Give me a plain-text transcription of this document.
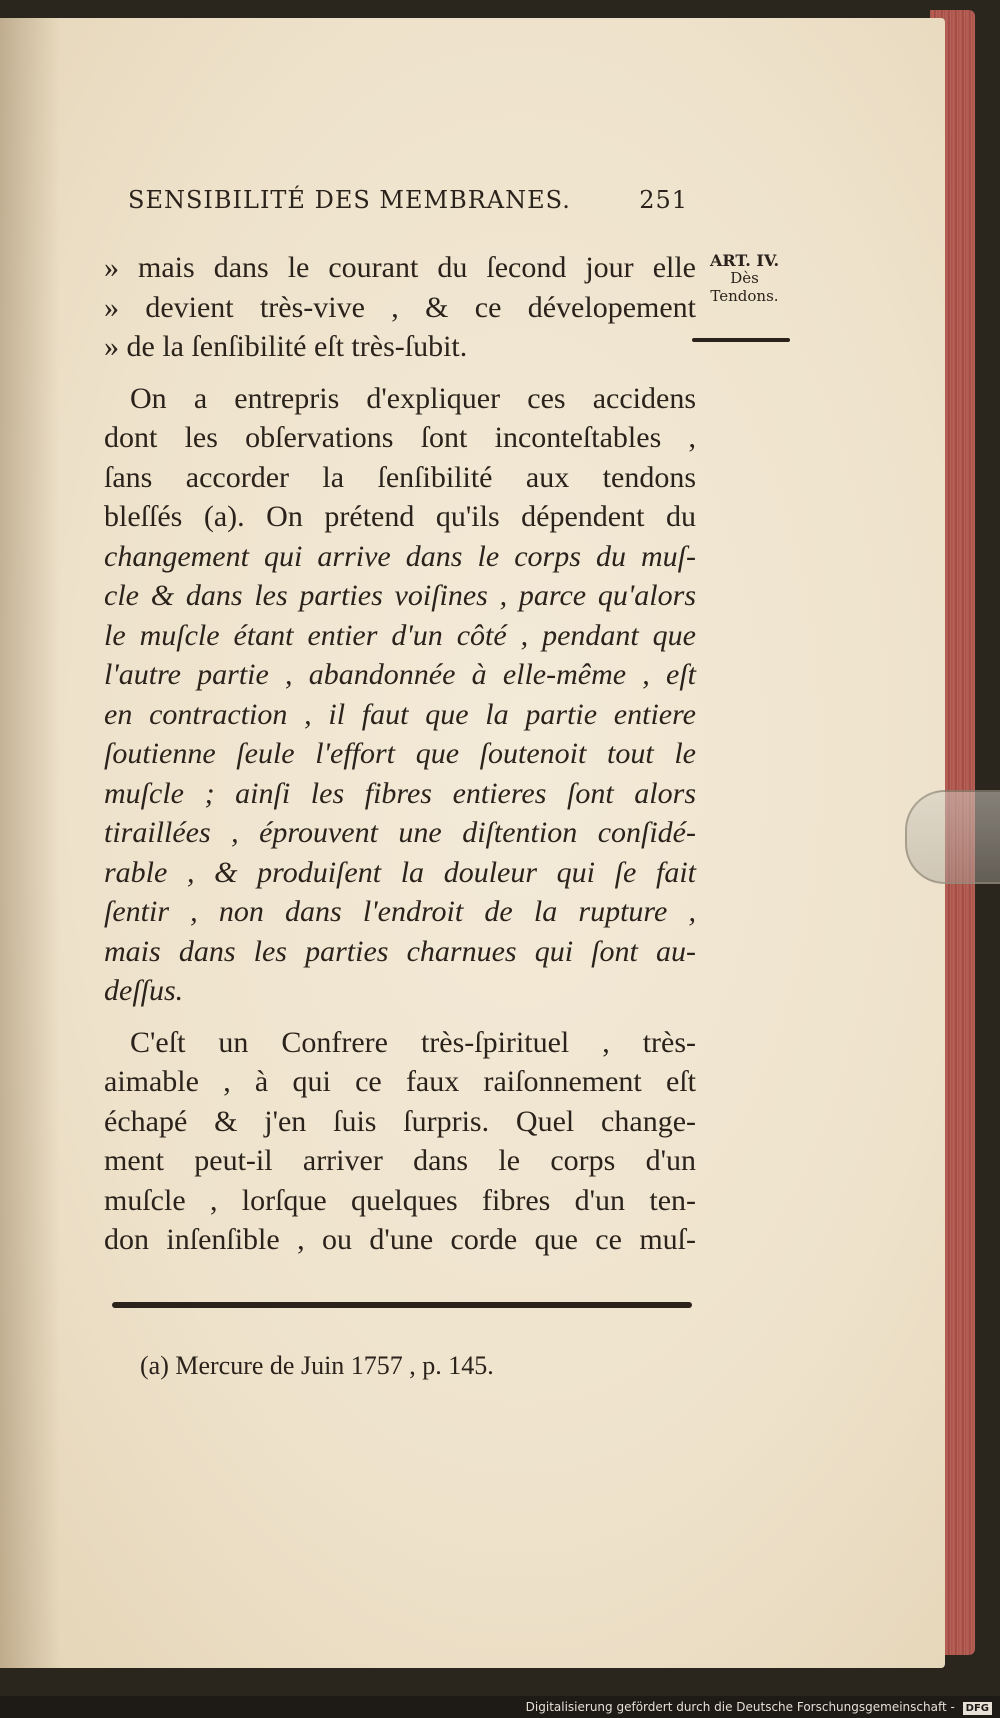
SENSIBILITÉ DES MEMBRANES.	251
ART. IV.
Dès
Tendons.
» mais dans le courant du ſecond jour elle
» devient très-vive , & ce dévelopement
» de la ſenſibilité eſt très-ſubit.
On a entrepris d'expliquer ces accidens
dont les obſervations ſont inconteſtables ,
ſans accorder la ſenſibilité aux tendons
bleſſés (a). On prétend qu'ils dépendent du
changement qui arrive dans le corps du muſ-
cle & dans les parties voiſines , parce qu'alors
le muſcle étant entier d'un côté , pendant que
l'autre partie , abandonnée à elle-même , eſt
en contraction , il faut que la partie entiere
ſoutienne ſeule l'effort que ſoutenoit tout le
muſcle ; ainſi les fibres entieres ſont alors
tiraillées , éprouvent une diſtention conſidé-
rable , & produiſent la douleur qui ſe fait
ſentir , non dans l'endroit de la rupture ,
mais dans les parties charnues qui ſont au-
deſſus.
C'eſt un Confrere très-ſpirituel , très-
aimable , à qui ce faux raiſonnement eſt
échapé & j'en ſuis ſurpris. Quel change-
ment peut-il arriver dans le corps d'un
muſcle , lorſque quelques fibres d'un ten-
don inſenſible , ou d'une corde que ce muſ-
(a) Mercure de Juin 1757 , p. 145.
Digitalisierung gefördert durch die Deutsche Forschungsgemeinschaft - DFG
